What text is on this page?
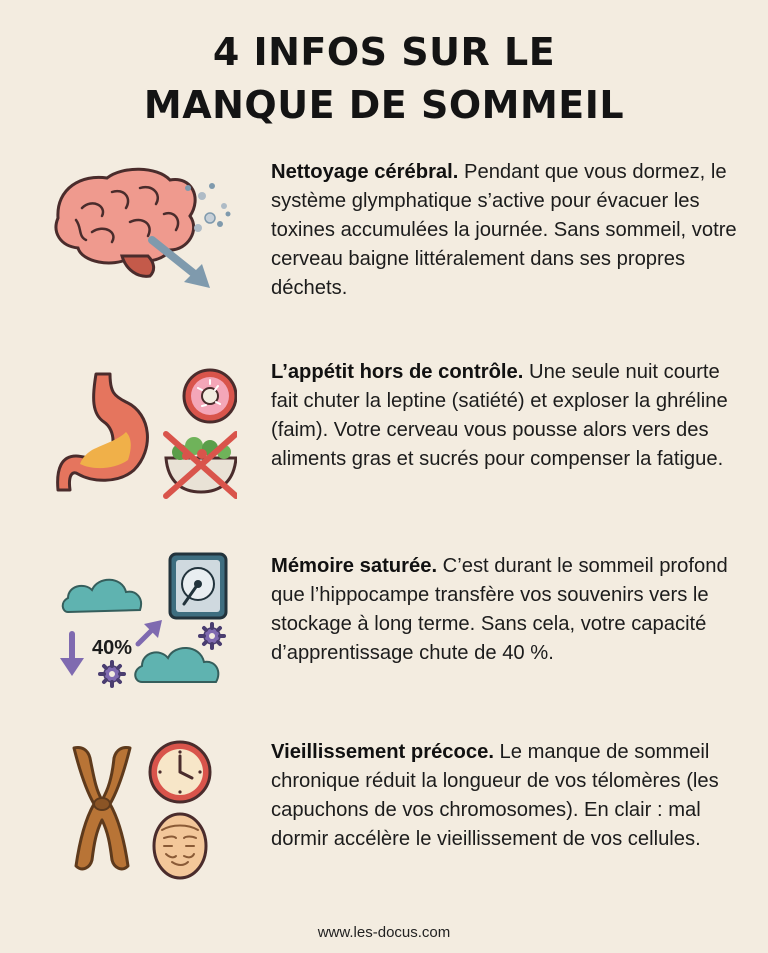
4 INFOS SUR LE
MANQUE DE SOMMEIL

Nettoyage cérébral. Pendant que vous dormez, le système glymphatique s’active pour évacuer les toxines accumulées la journée. Sans sommeil, votre cerveau baigne littéralement dans ses propres déchets.

L’appétit hors de contrôle. Une seule nuit courte fait chuter la leptine (satiété) et exploser la ghréline (faim). Votre cerveau vous pousse alors vers des aliments gras et sucrés pour compenser la fatigue.

40%

Mémoire saturée. C’est durant le sommeil profond que l’hippocampe transfère vos souvenirs vers le stockage à long terme. Sans cela, votre capacité d’apprentissage chute de 40 %.

Vieillissement précoce. Le manque de sommeil chronique réduit la longueur de vos télomères (les capuchons de vos chromosomes). En clair : mal dormir accélère le vieillissement de vos cellules.

www.les-docus.com
